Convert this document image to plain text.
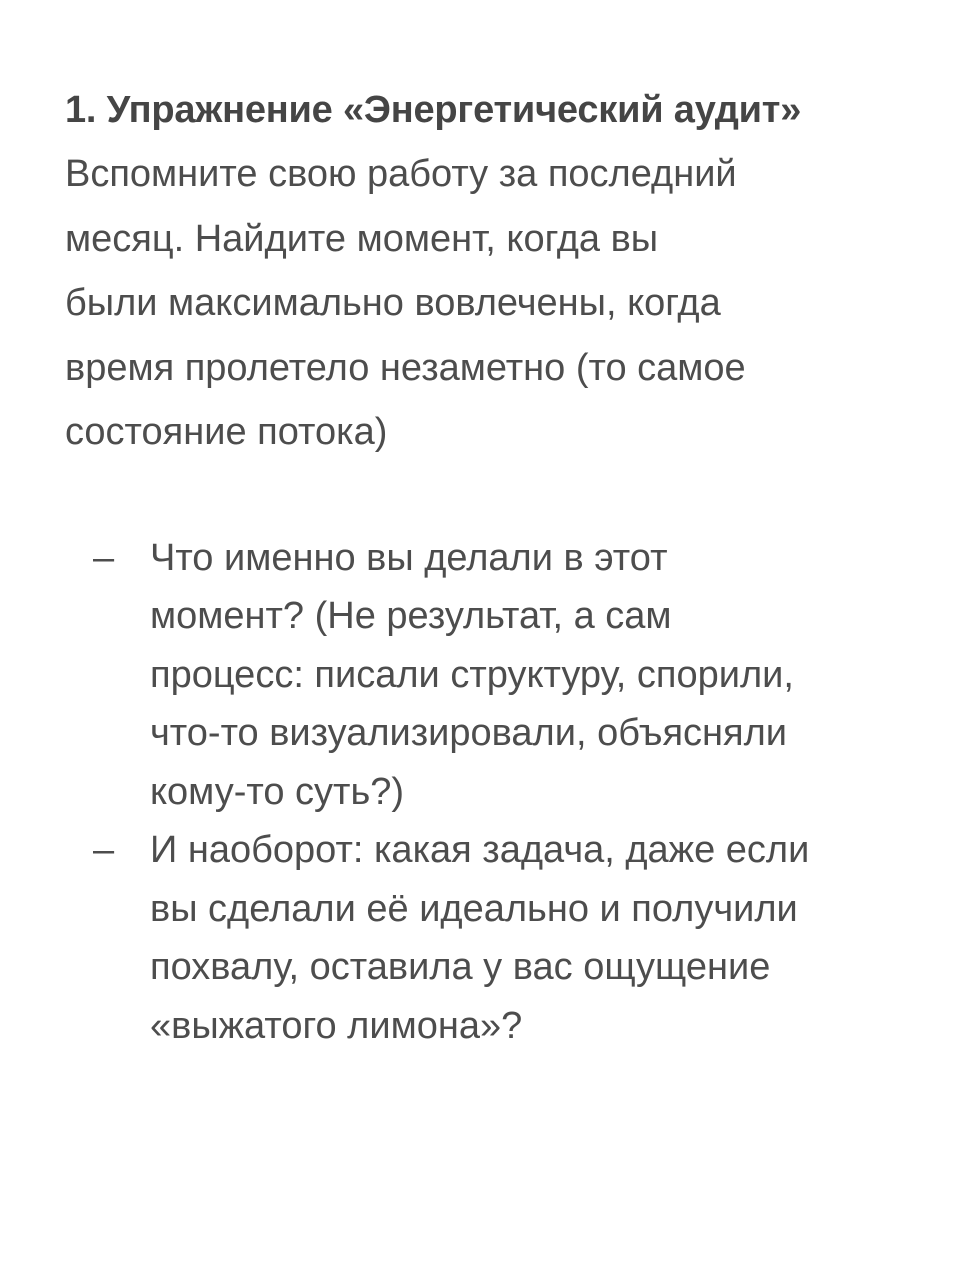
1. Упражнение «Энергетический аудит»
Вспомните свою работу за последний
месяц. Найдите момент, когда вы
были максимально вовлечены, когда
время пролетело незаметно (то самое
состояние потока)
– Что именно вы делали в этот
момент? (Не результат, а сам
процесс: писали структуру, спорили,
что-то визуализировали, объясняли
кому-то суть?)
– И наоборот: какая задача, даже если
вы сделали её идеально и получили
похвалу, оставила у вас ощущение
«выжатого лимона»?
